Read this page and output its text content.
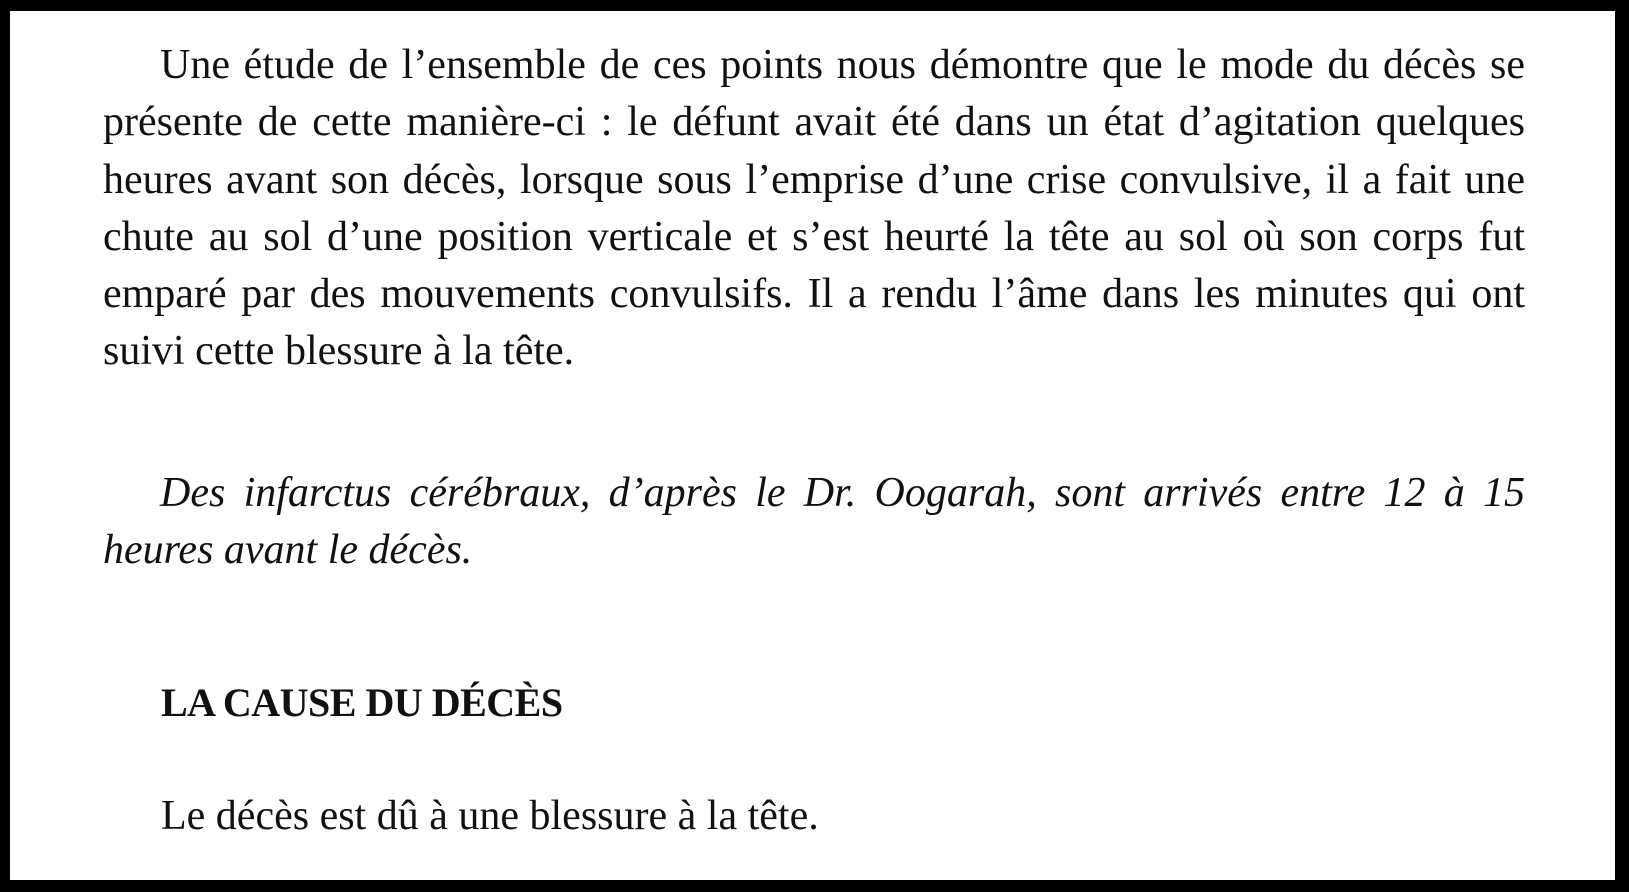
Une étude de l’ensemble de ces points nous démontre que le mode du décès se présente de cette manière-ci : le défunt avait été dans un état d’agitation quelques heures avant son décès, lorsque sous l’emprise d’une crise convulsive, il a fait une chute au sol d’une position verticale et s’est heurté la tête au sol où son corps fut emparé par des mouvements convulsifs. Il a rendu l’âme dans les minutes qui ont suivi cette blessure à la tête.

Des infarctus cérébraux, d’après le Dr. Oogarah, sont arrivés entre 12 à 15 heures avant le décès.

LA CAUSE DU DÉCÈS

Le décès est dû à une blessure à la tête.
